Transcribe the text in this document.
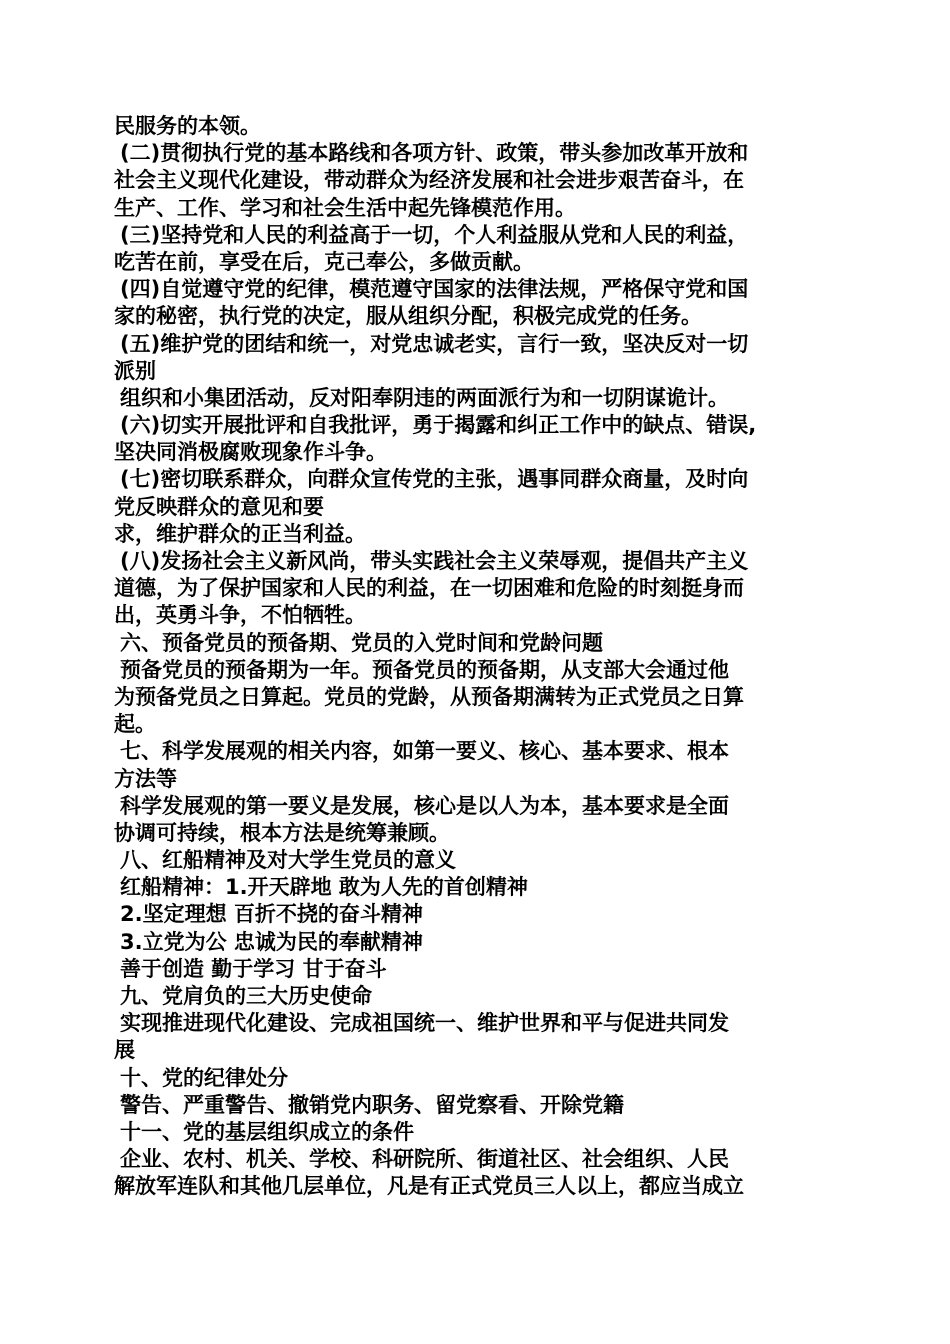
民服务的本领。
(二)贯彻执行党的基本路线和各项方针、政策，带头参加改革开放和
社会主义现代化建设，带动群众为经济发展和社会进步艰苦奋斗，在
生产、工作、学习和社会生活中起先锋模范作用。
(三)坚持党和人民的利益高于一切，个人利益服从党和人民的利益，
吃苦在前，享受在后，克己奉公，多做贡献。
(四)自觉遵守党的纪律，模范遵守国家的法律法规，严格保守党和国
家的秘密，执行党的决定，服从组织分配，积极完成党的任务。
(五)维护党的团结和统一，对党忠诚老实，言行一致，坚决反对一切
派别
组织和小集团活动，反对阳奉阴违的两面派行为和一切阴谋诡计。
(六)切实开展批评和自我批评，勇于揭露和纠正工作中的缺点、错误,
坚决同消极腐败现象作斗争。
(七)密切联系群众，向群众宣传党的主张，遇事同群众商量，及时向
党反映群众的意见和要
求，维护群众的正当利益。
(八)发扬社会主义新风尚，带头实践社会主义荣辱观，提倡共产主义
道德，为了保护国家和人民的利益，在一切困难和危险的时刻挺身而
出，英勇斗争，不怕牺牲。
六、预备党员的预备期、党员的入党时间和党龄问题
预备党员的预备期为一年。预备党员的预备期，从支部大会通过他
为预备党员之日算起。党员的党龄，从预备期满转为正式党员之日算
起。
七、科学发展观的相关内容，如第一要义、核心、基本要求、根本
方法等
科学发展观的第一要义是发展，核心是以人为本，基本要求是全面
协调可持续，根本方法是统筹兼顾。
八、红船精神及对大学生党员的意义
红船精神：1.开天辟地 敢为人先的首创精神
2.坚定理想 百折不挠的奋斗精神
3.立党为公 忠诚为民的奉献精神
善于创造 勤于学习 甘于奋斗
九、党肩负的三大历史使命
实现推进现代化建设、完成祖国统一、维护世界和平与促进共同发
展
十、党的纪律处分
警告、严重警告、撤销党内职务、留党察看、开除党籍
十一、党的基层组织成立的条件
企业、农村、机关、学校、科研院所、街道社区、社会组织、人民
解放军连队和其他几层单位，凡是有正式党员三人以上，都应当成立
